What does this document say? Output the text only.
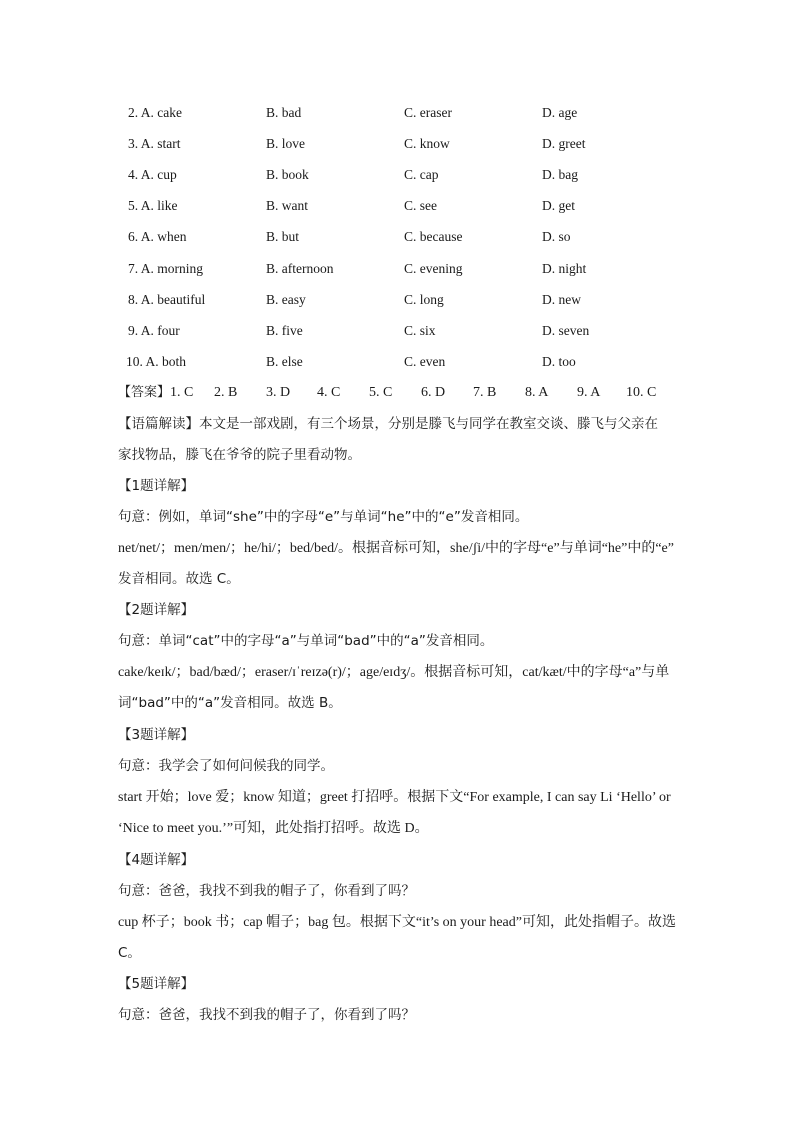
2. A. cake	B. bad	C. eraser	D. age
3. A. start	B. love	C. know	D. greet
4. A. cup	B. book	C. cap	D. bag
5. A. like	B. want	C. see	D. get
6. A. when	B. but	C. because	D. so
7. A. morning	B. afternoon	C. evening	D. night
8. A. beautiful	B. easy	C. long	D. new
9. A. four	B. five	C. six	D. seven
10. A. both	B. else	C. even	D. too
【答案】1. C 2. B 3. D 4. C 5. C 6. D 7. B 8. A 9. A 10. C
【语篇解读】本文是一部戏剧，有三个场景，分别是滕飞与同学在教室交谈、滕飞与父亲在
家找物品，滕飞在爷爷的院子里看动物。
【1题详解】
句意：例如，单词“she”中的字母“e”与单词“he”中的“e”发音相同。
net/net/；men/men/；he/hi/；bed/bed/。根据音标可知，she/ʃi/中的字母“e”与单词“he”中的“e”
发音相同。故选 C。
【2题详解】
句意：单词“cat”中的字母“a”与单词“bad”中的“a”发音相同。
cake/keɪk/；bad/bæd/；eraser/ɪˈreɪzə(r)/；age/eɪdʒ/。根据音标可知，cat/kæt/中的字母“a”与单
词“bad”中的“a”发音相同。故选 B。
【3题详解】
句意：我学会了如何问候我的同学。
start 开始；love 爱；know 知道；greet 打招呼。根据下文“For example, I can say Li ‘Hello’ or
‘Nice to meet you.’”可知，此处指打招呼。故选 D。
【4题详解】
句意：爸爸，我找不到我的帽子了，你看到了吗？
cup 杯子；book 书；cap 帽子；bag 包。根据下文“it’s on your head”可知，此处指帽子。故选
C。
【5题详解】
句意：爸爸，我找不到我的帽子了，你看到了吗？
